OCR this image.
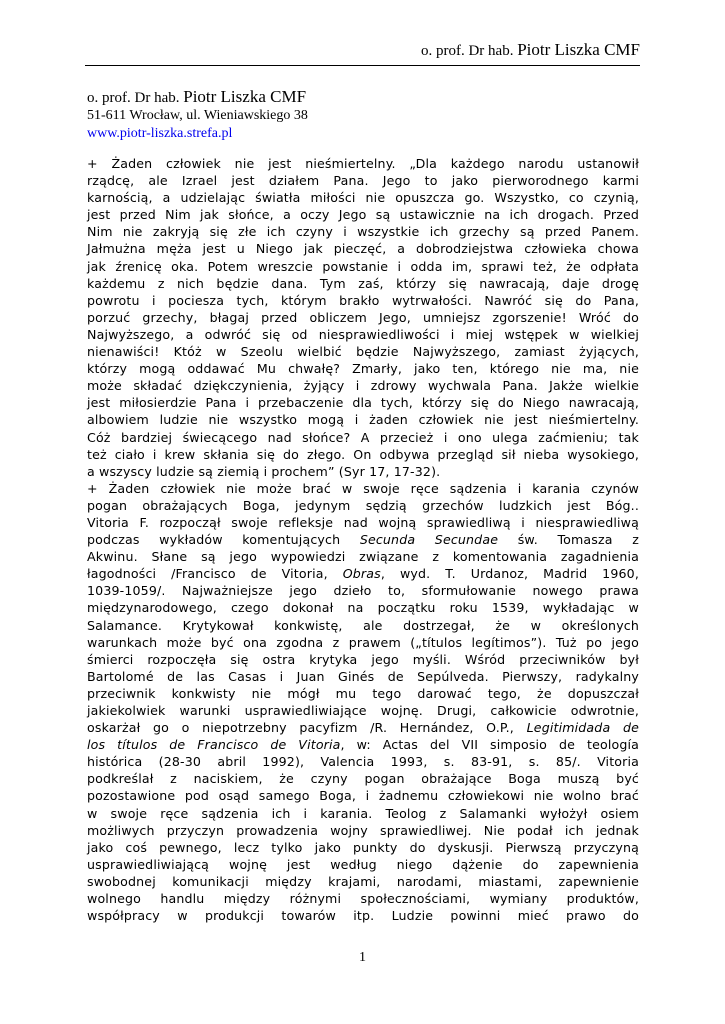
o. prof. Dr hab. Piotr Liszka CMF
o. prof. Dr hab. Piotr Liszka CMF
51-611 Wrocław, ul. Wieniawskiego 38
www.piotr-liszka.strefa.pl

+ Żaden człowiek nie jest nieśmiertelny. „Dla każdego narodu ustanowił
rządcę, ale Izrael jest działem Pana. Jego to jako pierworodnego karmi
karnością, a udzielając światła miłości nie opuszcza go. Wszystko, co czynią,
jest przed Nim jak słońce, a oczy Jego są ustawicznie na ich drogach. Przed
Nim nie zakryją się złe ich czyny i wszystkie ich grzechy są przed Panem.
Jałmużna męża jest u Niego jak pieczęć, a dobrodziejstwa człowieka chowa
jak źrenicę oka. Potem wreszcie powstanie i odda im, sprawi też, że odpłata
każdemu z nich będzie dana. Tym zaś, którzy się nawracają, daje drogę
powrotu i pociesza tych, którym brakło wytrwałości. Nawróć się do Pana,
porzuć grzechy, błagaj przed obliczem Jego, umniejsz zgorszenie! Wróć do
Najwyższego, a odwróć się od niesprawiedliwości i miej wstępek w wielkiej
nienawiści! Któż w Szeolu wielbić będzie Najwyższego, zamiast żyjących,
którzy mogą oddawać Mu chwałę? Zmarły, jako ten, którego nie ma, nie
może składać dziękczynienia, żyjący i zdrowy wychwala Pana. Jakże wielkie
jest miłosierdzie Pana i przebaczenie dla tych, którzy się do Niego nawracają,
albowiem ludzie nie wszystko mogą i żaden człowiek nie jest nieśmiertelny.
Cóż bardziej świecącego nad słońce? A przecież i ono ulega zaćmieniu; tak
też ciało i krew skłania się do złego. On odbywa przegląd sił nieba wysokiego,
a wszyscy ludzie są ziemią i prochem” (Syr 17, 17-32).

+ Żaden człowiek nie może brać w swoje ręce sądzenia i karania czynów
pogan obrażających Boga, jedynym sędzią grzechów ludzkich jest Bóg..
Vitoria F. rozpoczął swoje refleksje nad wojną sprawiedliwą i niesprawiedliwą
podczas wykładów komentujących Secunda Secundae św. Tomasza z
Akwinu. Słane są jego wypowiedzi związane z komentowania zagadnienia
łagodności /Francisco de Vitoria, Obras, wyd. T. Urdanoz, Madrid 1960,
1039-1059/. Najważniejsze jego dzieło to, sformułowanie nowego prawa
międzynarodowego, czego dokonał na początku roku 1539, wykładając w
Salamance. Krytykował konkwistę, ale dostrzegał, że w określonych
warunkach może być ona zgodna z prawem („títulos legítimos”). Tuż po jego
śmierci rozpoczęła się ostra krytyka jego myśli. Wśród przeciwników był
Bartolomé de las Casas i Juan Ginés de Sepúlveda. Pierwszy, radykalny
przeciwnik konkwisty nie mógł mu tego darować tego, że dopuszczał
jakiekolwiek warunki usprawiedliwiające wojnę. Drugi, całkowicie odwrotnie,
oskarżał go o niepotrzebny pacyfizm /R. Hernández, O.P., Legitimidada de
los títulos de Francisco de Vitoria, w: Actas del VII simposio de teología
histórica (28-30 abril 1992), Valencia 1993, s. 83-91, s. 85/. Vitoria
podkreślał z naciskiem, że czyny pogan obrażające Boga muszą być
pozostawione pod osąd samego Boga, i żadnemu człowiekowi nie wolno brać
w swoje ręce sądzenia ich i karania. Teolog z Salamanki wyłożył osiem
możliwych przyczyn prowadzenia wojny sprawiedliwej. Nie podał ich jednak
jako coś pewnego, lecz tylko jako punkty do dyskusji. Pierwszą przyczyną
usprawiedliwiającą wojnę jest według niego dążenie do zapewnienia
swobodnej komunikacji między krajami, narodami, miastami, zapewnienie
wolnego handlu między różnymi społecznościami, wymiany produktów,
współpracy w produkcji towarów itp. Ludzie powinni mieć prawo do

1
